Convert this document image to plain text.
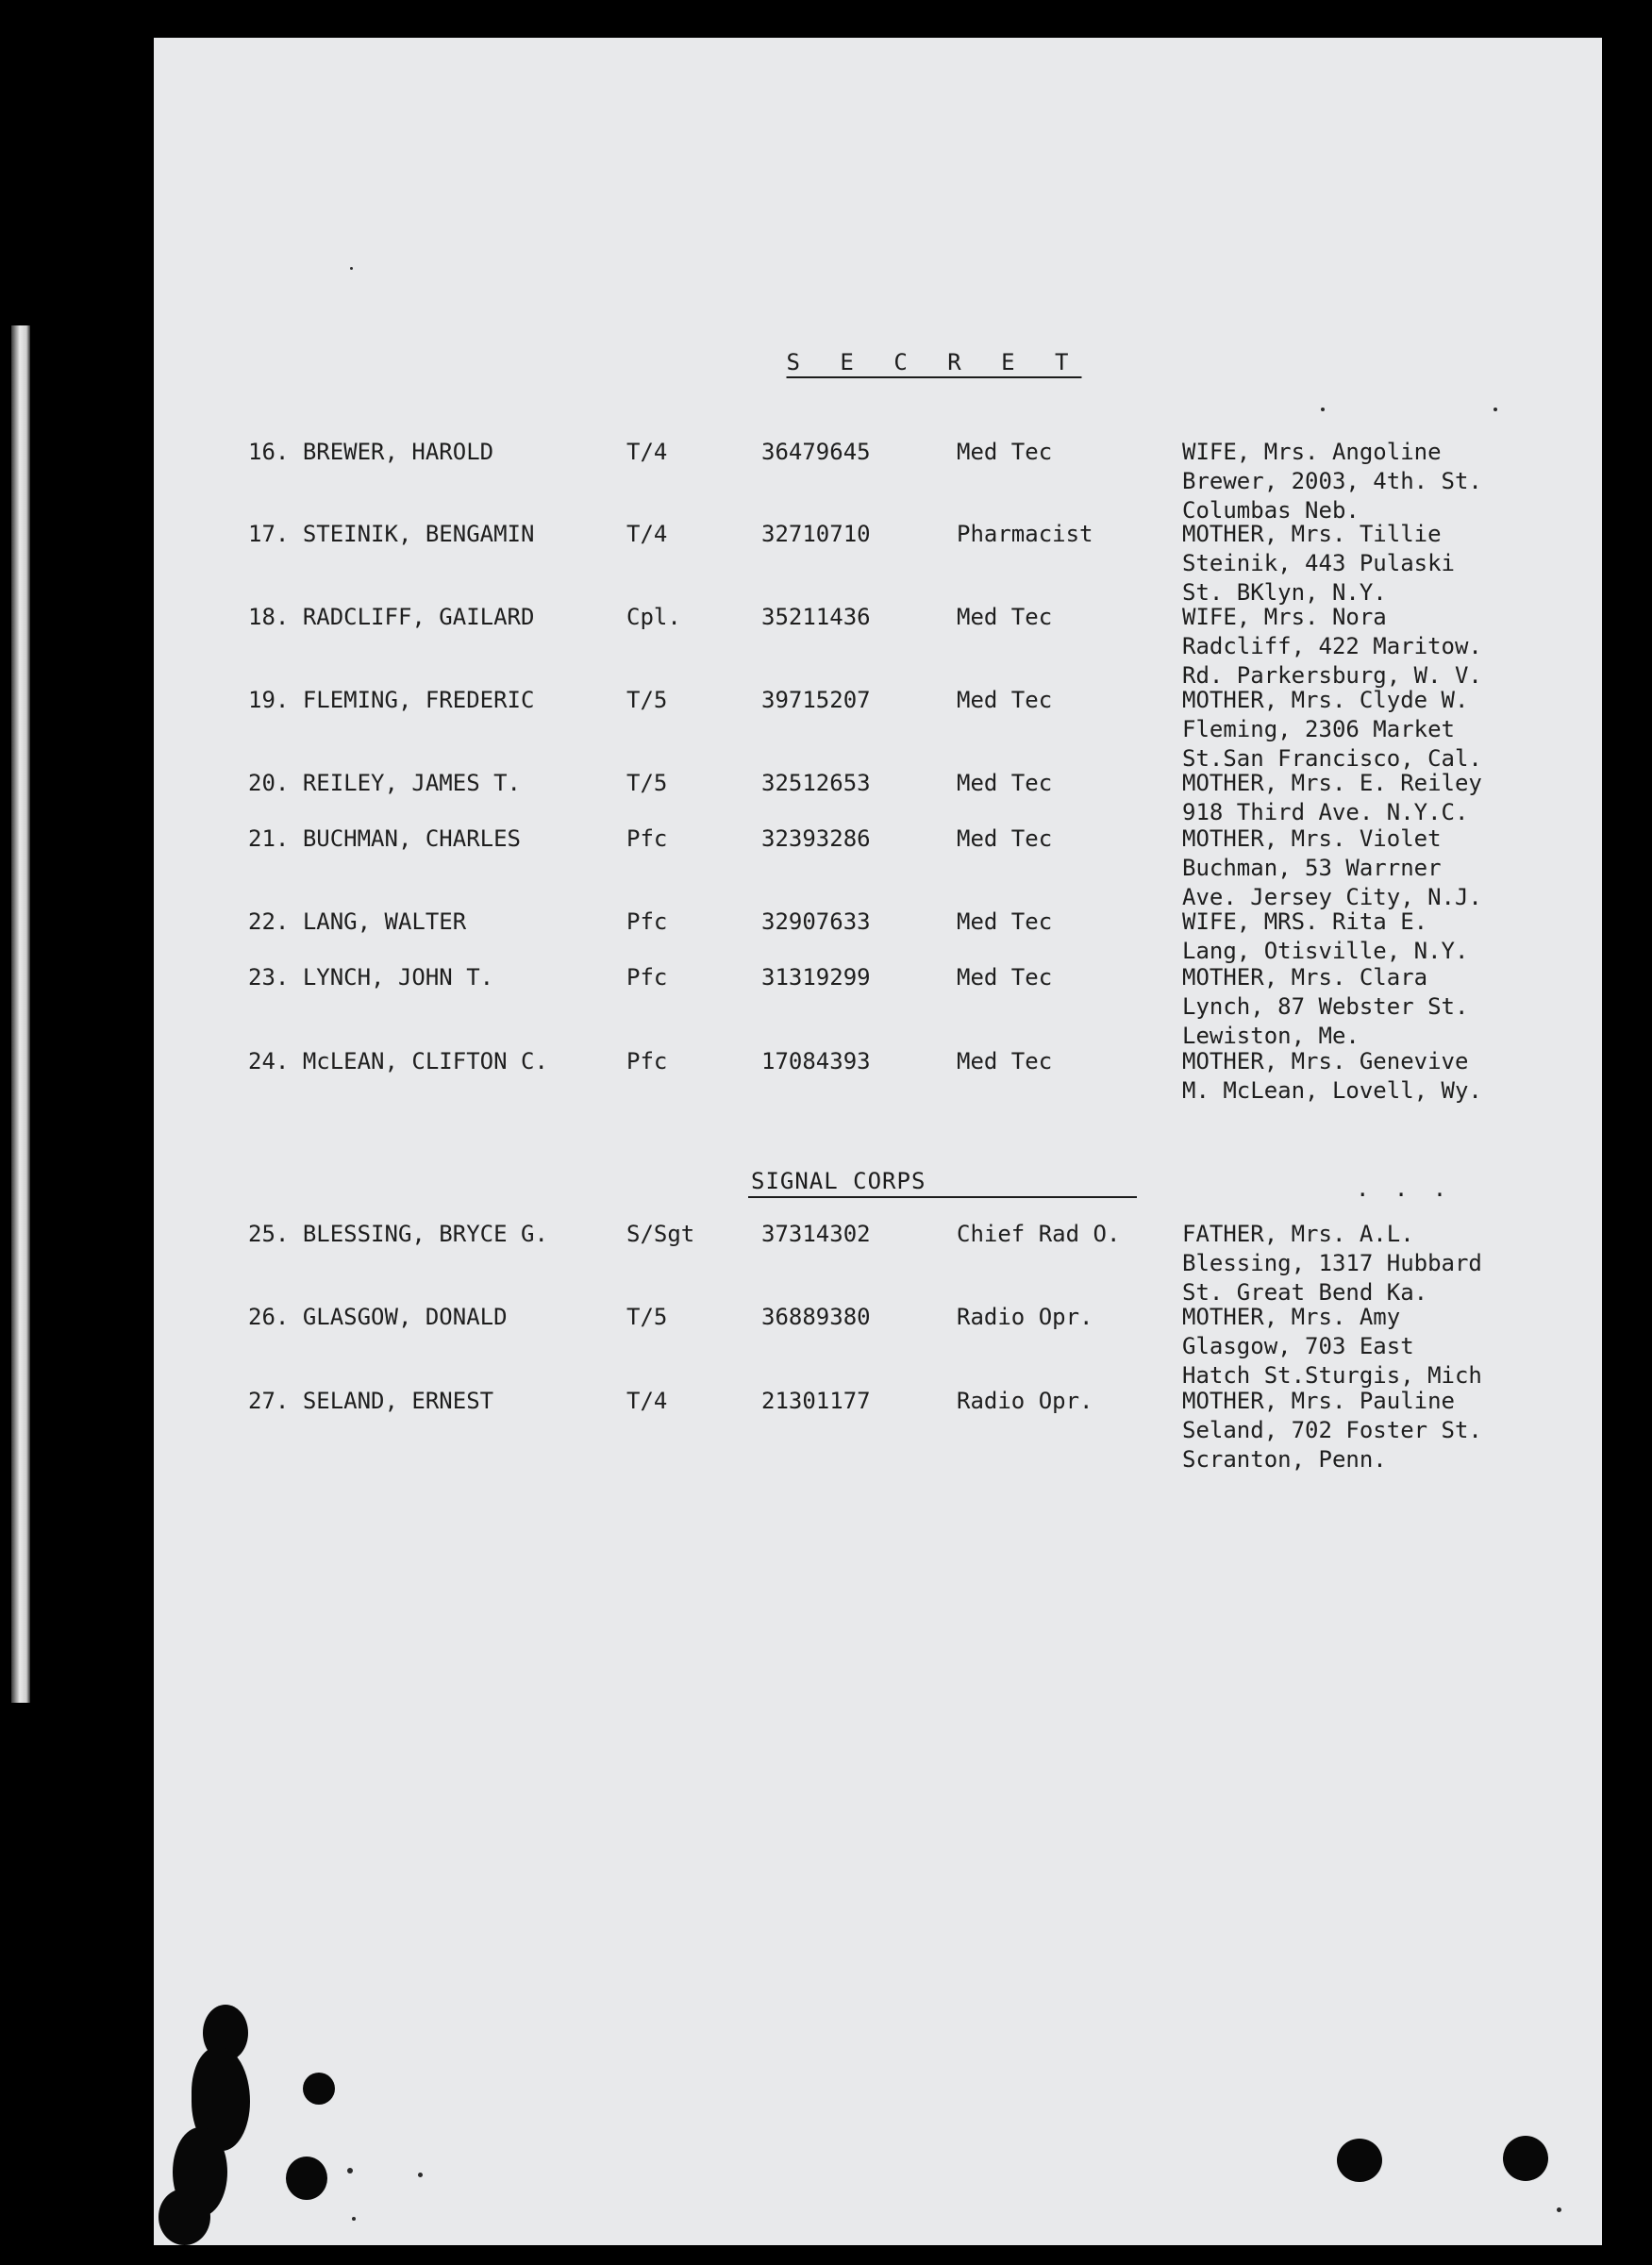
S E C R E T
16. BREWER, HAROLD	T/4	36479645	Med Tec	WIFE, Mrs. Angoline
Brewer, 2003, 4th. St.
Columbas Neb.
17. STEINIK, BENGAMIN	T/4	32710710	Pharmacist	MOTHER, Mrs. Tillie
Steinik, 443 Pulaski
St. BKlyn, N.Y.
18. RADCLIFF, GAILARD	Cpl.	35211436	Med Tec	WIFE, Mrs. Nora
Radcliff, 422 Maritow.
Rd. Parkersburg, W. V.
19. FLEMING, FREDERIC	T/5	39715207	Med Tec	MOTHER, Mrs. Clyde W.
Fleming, 2306 Market
St.San Francisco, Cal.
20. REILEY, JAMES T.	T/5	32512653	Med Tec	MOTHER, Mrs. E. Reiley
918 Third Ave. N.Y.C.
21. BUCHMAN, CHARLES	Pfc	32393286	Med Tec	MOTHER, Mrs. Violet
Buchman, 53 Warrner
Ave. Jersey City, N.J.
22. LANG, WALTER	Pfc	32907633	Med Tec	WIFE, MRS. Rita E.
Lang, Otisville, N.Y.
23. LYNCH, JOHN T.	Pfc	31319299	Med Tec	MOTHER, Mrs. Clara
Lynch, 87 Webster St.
Lewiston, Me.
24. McLEAN, CLIFTON C.	Pfc	17084393	Med Tec	MOTHER, Mrs. Genevive
M. McLean, Lovell, Wy.
SIGNAL CORPS	. . .
25. BLESSING, BRYCE G.	S/Sgt	37314302	Chief Rad O.	FATHER, Mrs. A.L.
Blessing, 1317 Hubbard
St. Great Bend Ka.
26. GLASGOW, DONALD	T/5	36889380	Radio Opr.	MOTHER, Mrs. Amy
Glasgow, 703 East
Hatch St.Sturgis, Mich
27. SELAND, ERNEST	T/4	21301177	Radio Opr.	MOTHER, Mrs. Pauline
Seland, 702 Foster St.
Scranton, Penn.
